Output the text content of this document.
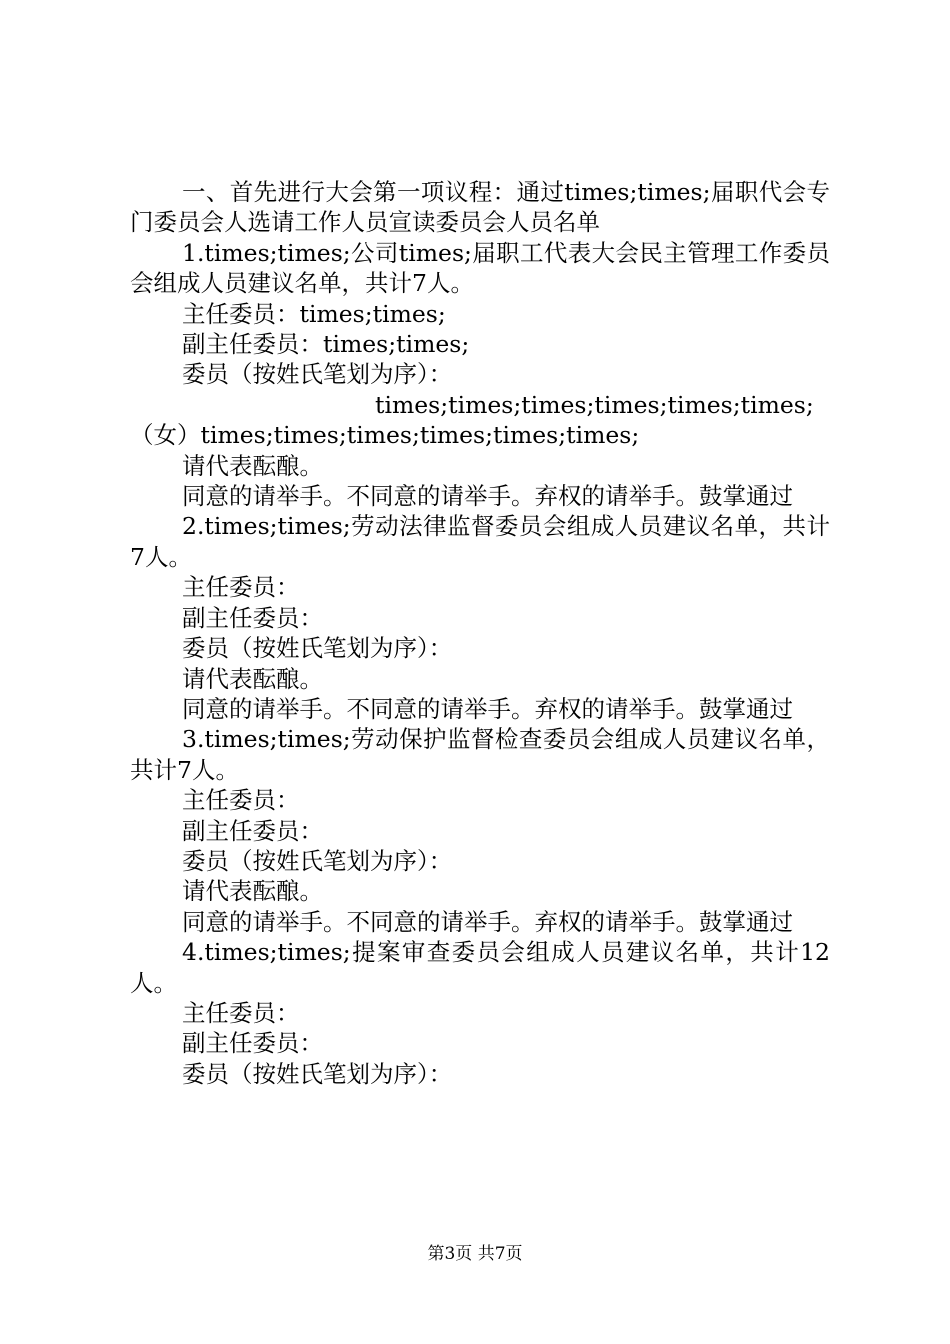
一、首先进行大会第一项议程：通过times;times;届职代会专门委员会人选请工作人员宣读委员会人员名单

1.times;times;公司times;届职工代表大会民主管理工作委员会组成人员建议名单，共计7人。

主任委员：times;times;

副主任委员：times;times;

委员（按姓氏笔划为序）：

times;times;times;times;times;times;

（女）times;times;times;times;times;times;

请代表酝酿。

同意的请举手。不同意的请举手。弃权的请举手。鼓掌通过

2.times;times;劳动法律监督委员会组成人员建议名单，共计7人。

主任委员：

副主任委员：

委员（按姓氏笔划为序）：

请代表酝酿。

同意的请举手。不同意的请举手。弃权的请举手。鼓掌通过

3.times;times;劳动保护监督检查委员会组成人员建议名单，共计7人。

主任委员：

副主任委员：

委员（按姓氏笔划为序）：

请代表酝酿。

同意的请举手。不同意的请举手。弃权的请举手。鼓掌通过

4.times;times;提案审查委员会组成人员建议名单，共计12人。

主任委员：

副主任委员：

委员（按姓氏笔划为序）：

第3页 共7页
